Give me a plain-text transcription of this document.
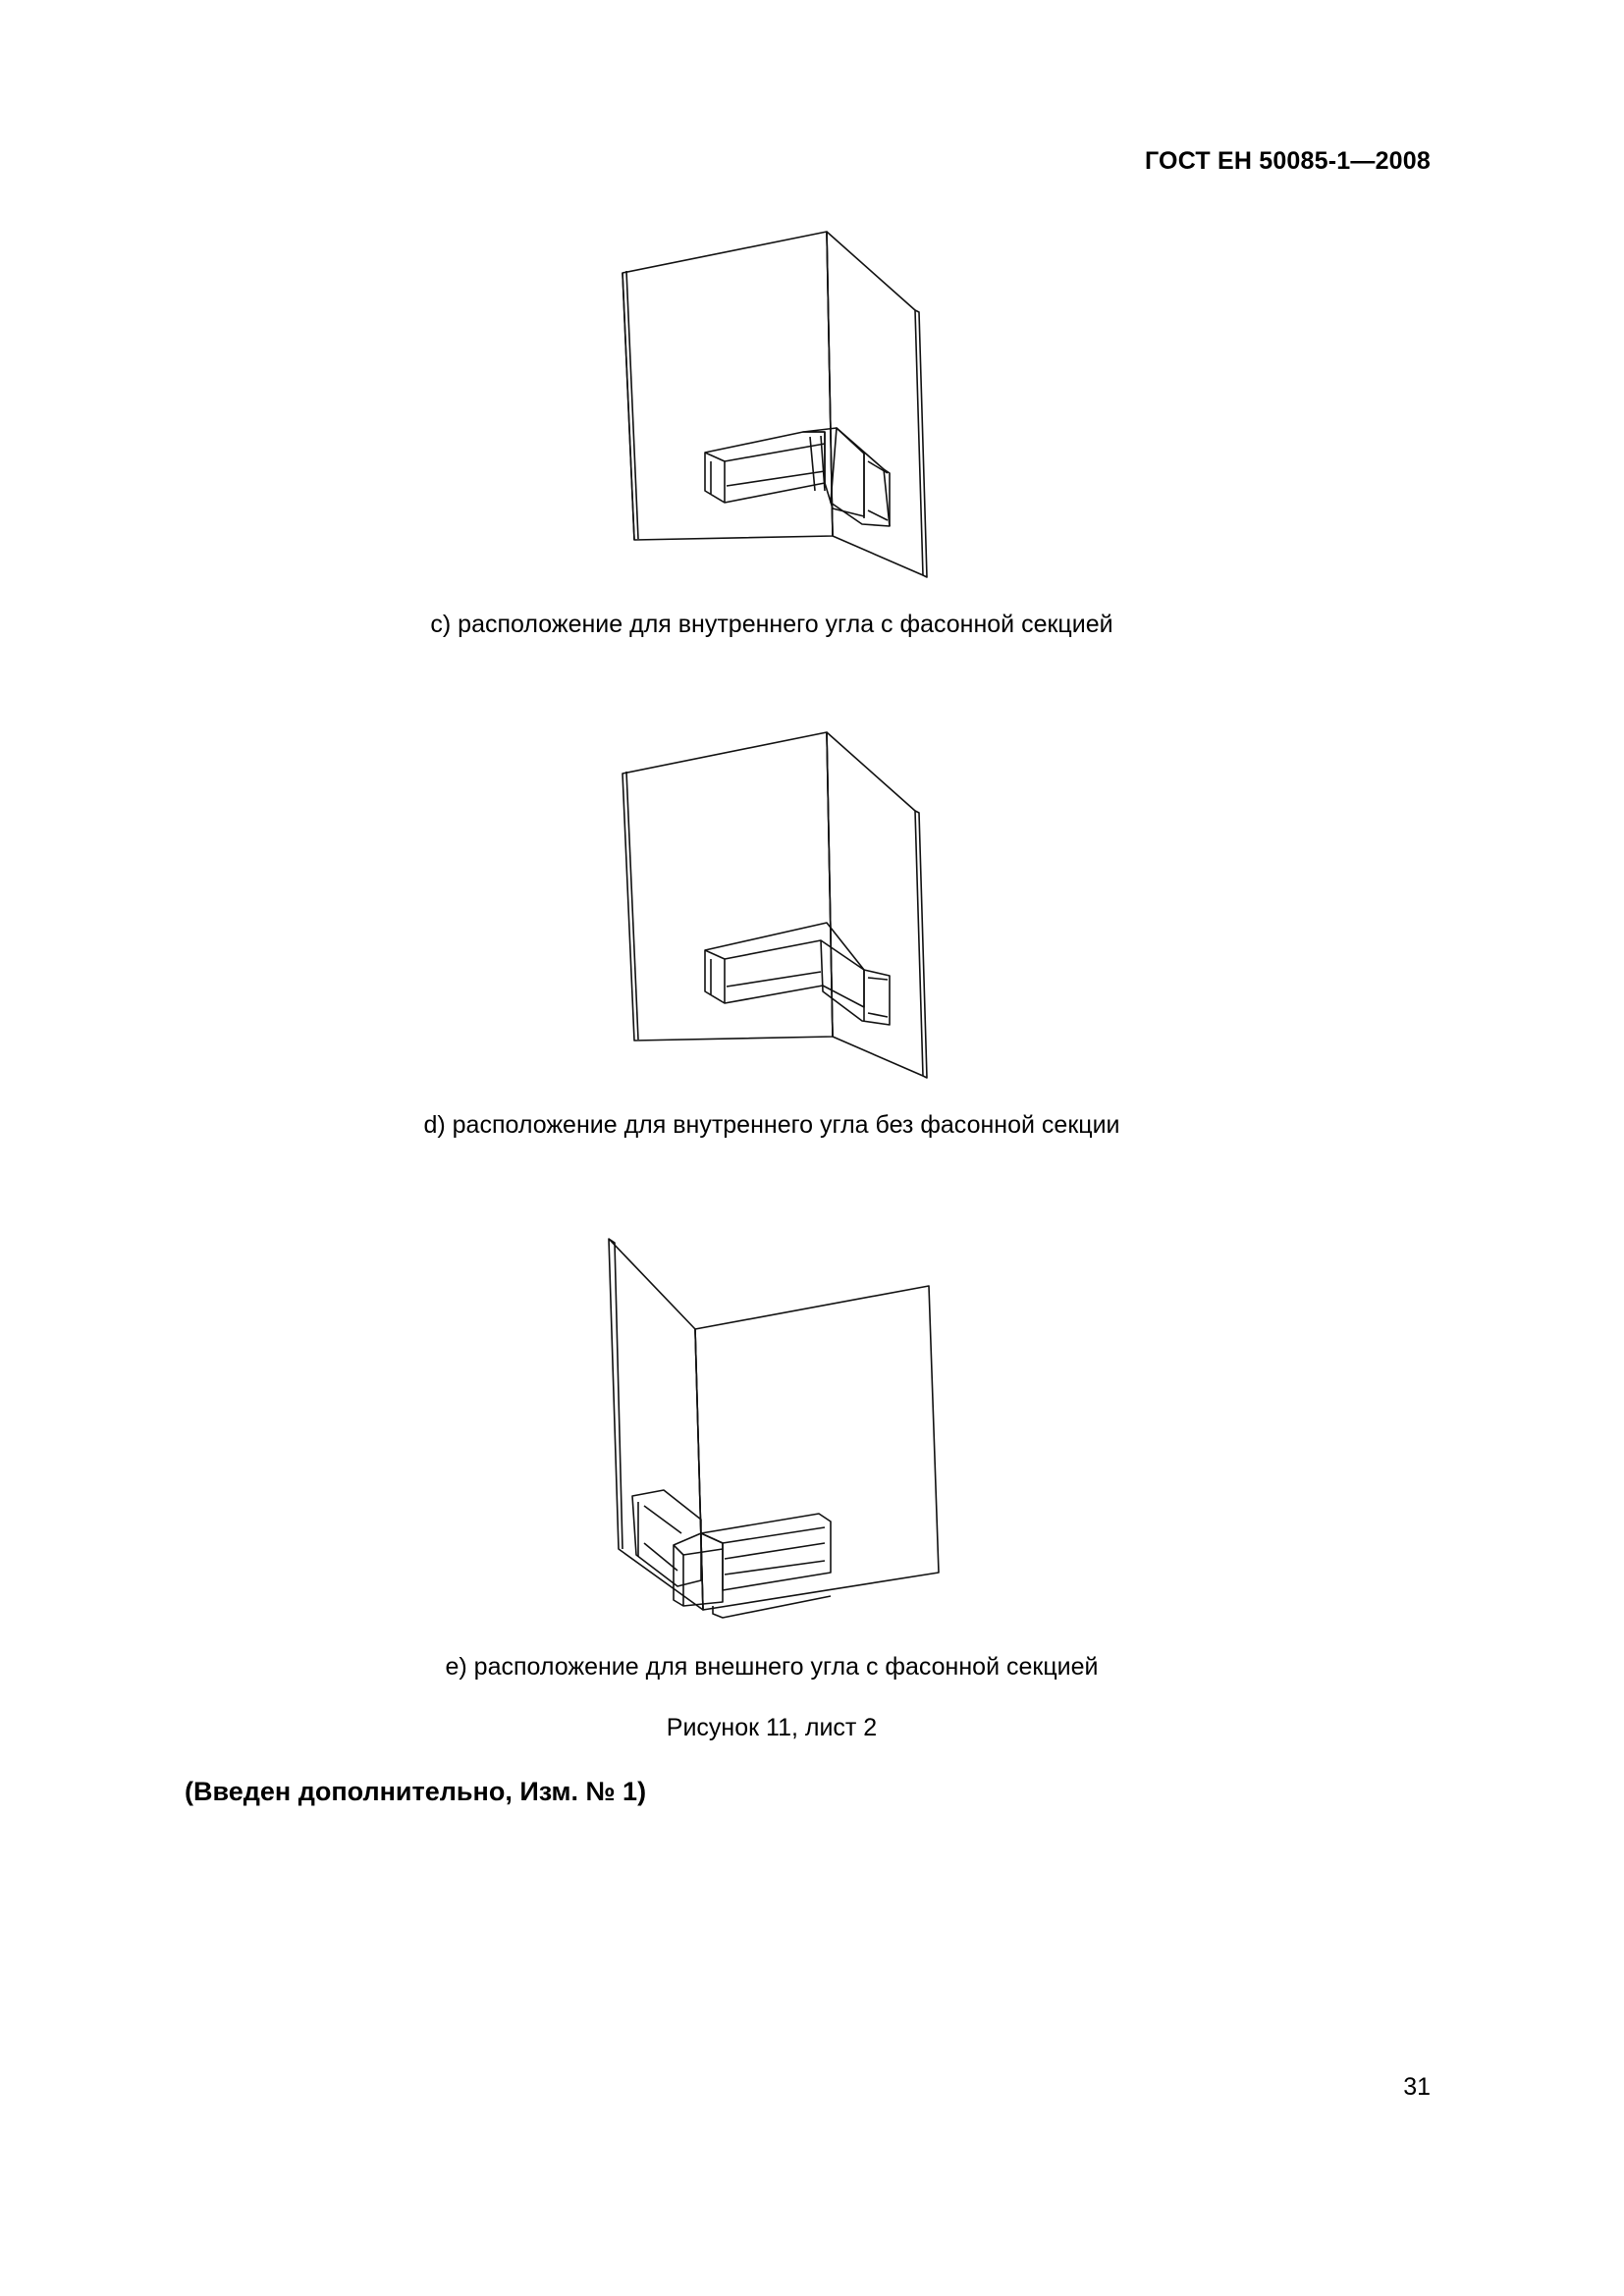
ГОСТ ЕН 50085-1—2008
c) расположение для внутреннего угла с фасонной секцией
d) расположение для внутреннего угла без фасонной секции
e) расположение для внешнего угла с фасонной секцией
Рисунок 11, лист 2
(Введен дополнительно, Изм. № 1)
31
